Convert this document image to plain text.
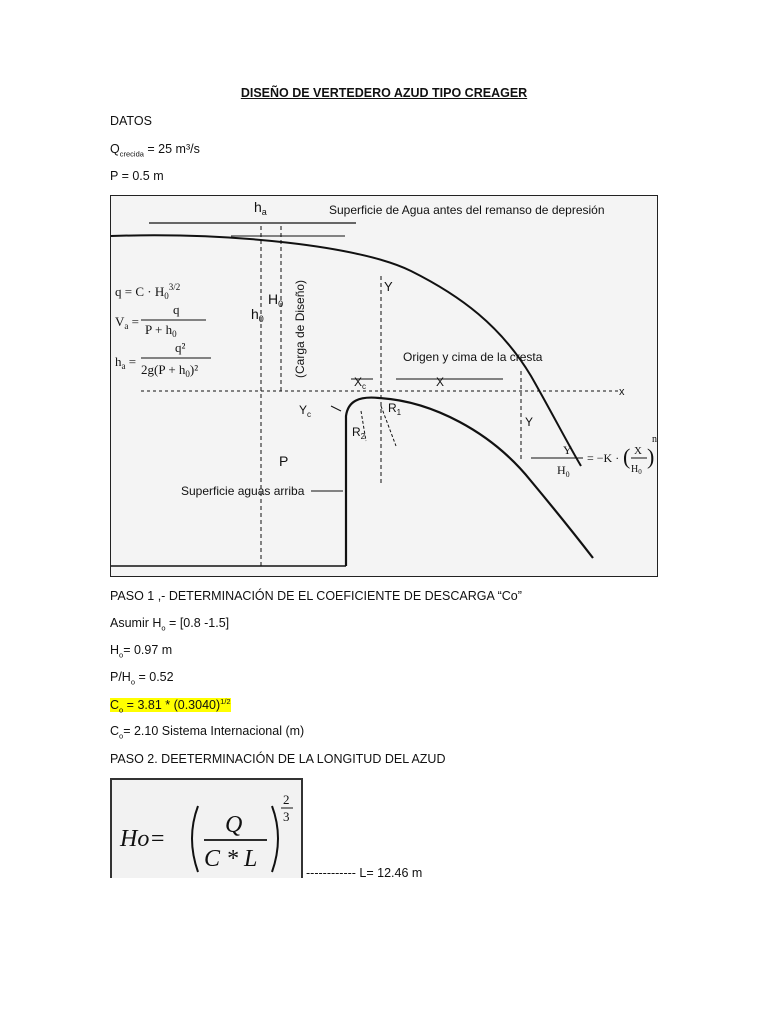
DISEÑO DE VERTEDERO AZUD TIPO CREAGER
DATOS
$Q_{crecida} = 25$ m³/s
P = 0.5 m
$h_a$	Superficie de Agua antes del remanso de depresión
$q = C \cdot H_0^{3/2}$
$V_a$ =
q
$P + h_0$
$h_a$ =
q²
$2g(P + h_0)^2$
$H_0$
$h_0$ (Carga de Diseño)	Y
Origen y cima de la cresta
$X_c$	X
x
$Y_c$	$R_1$
$R_2$
Y
P
Y
$H_0$
= −K · ( X
$H_0$
)
n
Superficie aguas arriba
PASO 1 ,- DETERMINACIÓN DE EL COEFICIENTE DE DESCARGA “Co”
Asumir $H_o = [0.8$ -1.5]
$H_o= 0.97$ m
$P/H_o = 0.52$
$C_o = 3.81 * (0.3040)^{1/2}$
$C_o= 2.10$ Sistema Internacional (m)
PASO 2. DEETERMINACIÓN DE LA LONGITUD DEL AZUD
Ho=
Q
C * L
2
3
------------ L= 12.46 m
